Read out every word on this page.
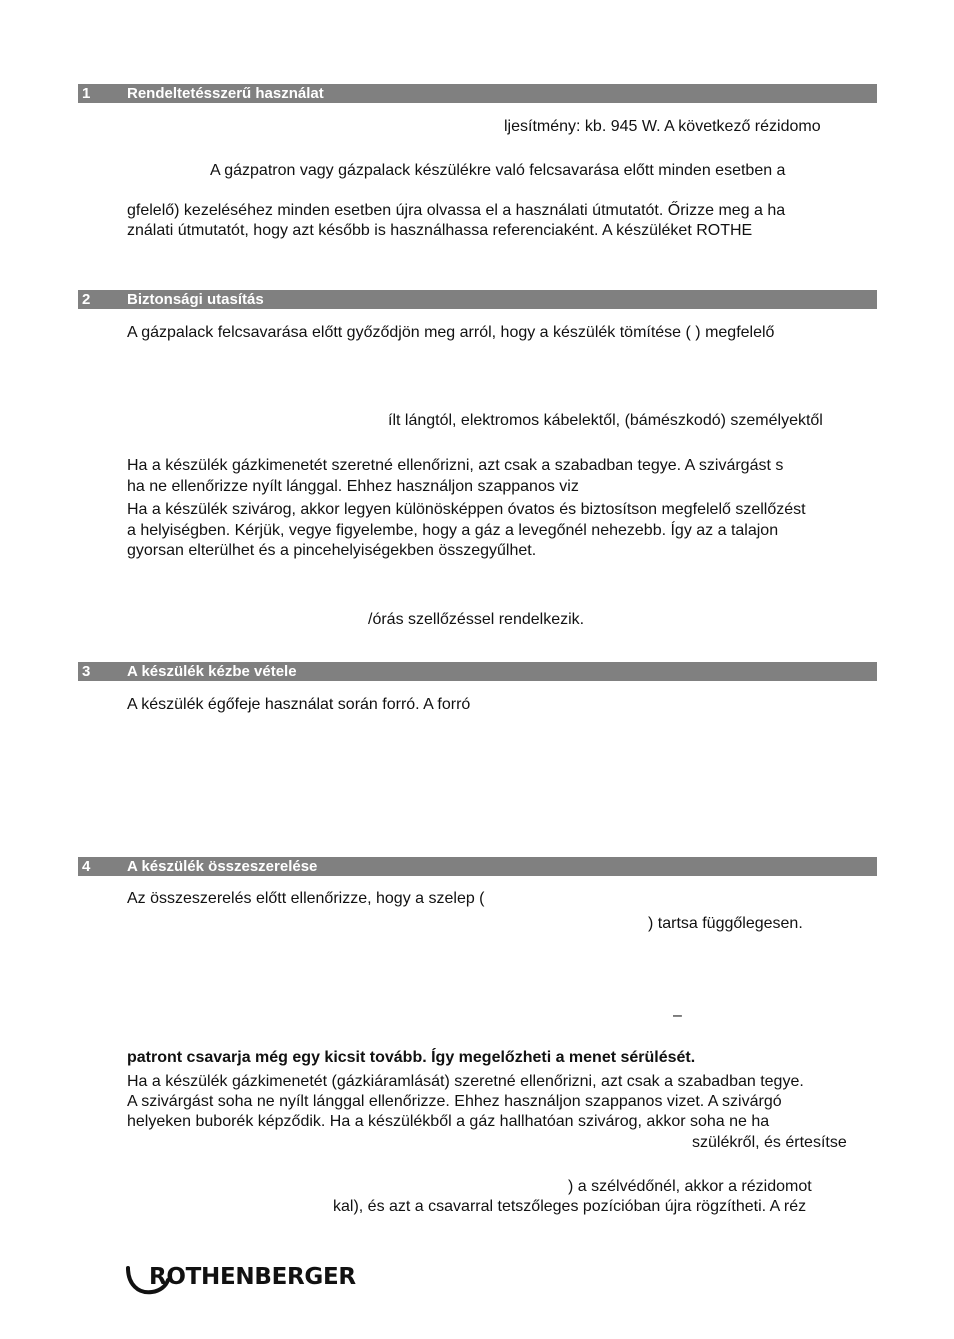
1 Rendeltetésszerű használat
2 Biztonsági utasítás
3 A készülék kézbe vétele
4 A készülék összeszerelése
ljesítmény: kb. 945 W. A következő rézidomo
A gázpatron vagy gázpalack készülékre való felcsavarása előtt minden esetben a
gfelelő) kezeléséhez minden esetben újra olvassa el a használati útmutatót. Őrizze meg a ha
ználati útmutatót, hogy azt később is használhassa referenciaként. A készüléket ROTHE
A gázpalack felcsavarása előtt győződjön meg arról, hogy a készülék tömítése ( ) megfelelő
ílt lángtól, elektromos kábelektől, (bámészkodó) személyektől
Ha a készülék gázkimenetét szeretné ellenőrizni, azt csak a szabadban tegye. A szivárgást s
ha ne ellenőrizze nyílt lánggal. Ehhez használjon szappanos viz
Ha a készülék szivárog, akkor legyen különösképpen óvatos és biztosítson megfelelő szellőzést
a helyiségben. Kérjük, vegye figyelembe, hogy a gáz a levegőnél nehezebb. Így az a talajon
gyorsan elterülhet és a pincehelyiségekben összegyűlhet.
/órás szellőzéssel rendelkezik.
A készülék égőfeje használat során forró. A forró
Az összeszerelés előtt ellenőrizze, hogy a szelep (
) tartsa függőlegesen.
–
patront csavarja még egy kicsit tovább. Így megelőzheti a menet sérülését.
Ha a készülék gázkimenetét (gázkiáramlását) szeretné ellenőrizni, azt csak a szabadban tegye.
A szivárgást soha ne nyílt lánggal ellenőrizze. Ehhez használjon szappanos vizet. A szivárgó
helyeken buborék képződik. Ha a készülékből a gáz hallhatóan szivárog, akkor soha ne ha
szülékről, és értesítse
) a szélvédőnél, akkor a rézidomot
kal), és azt a csavarral tetszőleges pozícióban újra rögzítheti. A réz
ROTHENBERGER
